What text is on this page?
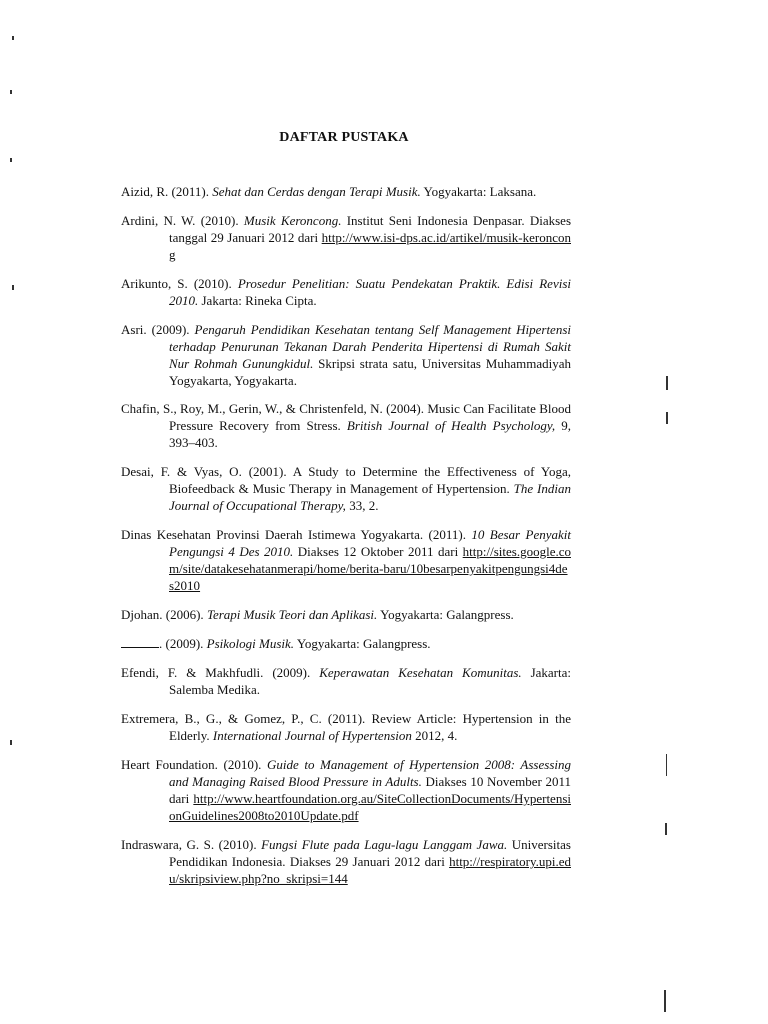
DAFTAR PUSTAKA

Aizid, R. (2011). Sehat dan Cerdas dengan Terapi Musik. Yogyakarta: Laksana.

Ardini, N. W. (2010). Musik Keroncong. Institut Seni Indonesia Denpasar. Diakses tanggal 29 Januari 2012 dari http://www.isi-dps.ac.id/artikel/musik-keroncong

Arikunto, S. (2010). Prosedur Penelitian: Suatu Pendekatan Praktik. Edisi Revisi 2010. Jakarta: Rineka Cipta.

Asri. (2009). Pengaruh Pendidikan Kesehatan tentang Self Management Hipertensi terhadap Penurunan Tekanan Darah Penderita Hipertensi di Rumah Sakit Nur Rohmah Gunungkidul. Skripsi strata satu, Universitas Muhammadiyah Yogyakarta, Yogyakarta.

Chafin, S., Roy, M., Gerin, W., & Christenfeld, N. (2004). Music Can Facilitate Blood Pressure Recovery from Stress. British Journal of Health Psychology, 9, 393–403.

Desai, F. & Vyas, O. (2001). A Study to Determine the Effectiveness of Yoga, Biofeedback & Music Therapy in Management of Hypertension. The Indian Journal of Occupational Therapy, 33, 2.

Dinas Kesehatan Provinsi Daerah Istimewa Yogyakarta. (2011). 10 Besar Penyakit Pengungsi 4 Des 2010. Diakses 12 Oktober 2011 dari http://sites.google.com/site/datakesehatanmerapi/home/berita-baru/10besarpenyakitpengungsi4des2010

Djohan. (2006). Terapi Musik Teori dan Aplikasi. Yogyakarta: Galangpress.

. (2009). Psikologi Musik. Yogyakarta: Galangpress.

Efendi, F. & Makhfudli. (2009). Keperawatan Kesehatan Komunitas. Jakarta: Salemba Medika.

Extremera, B., G., & Gomez, P., C. (2011). Review Article: Hypertension in the Elderly. International Journal of Hypertension 2012, 4.

Heart Foundation. (2010). Guide to Management of Hypertension 2008: Assessing and Managing Raised Blood Pressure in Adults. Diakses 10 November 2011 dari http://www.heartfoundation.org.au/SiteCollectionDocuments/HypertensionGuidelines2008to2010Update.pdf

Indraswara, G. S. (2010). Fungsi Flute pada Lagu-lagu Langgam Jawa. Universitas Pendidikan Indonesia. Diakses 29 Januari 2012 dari http://respiratory.upi.edu/skripsiview.php?no_skripsi=144
